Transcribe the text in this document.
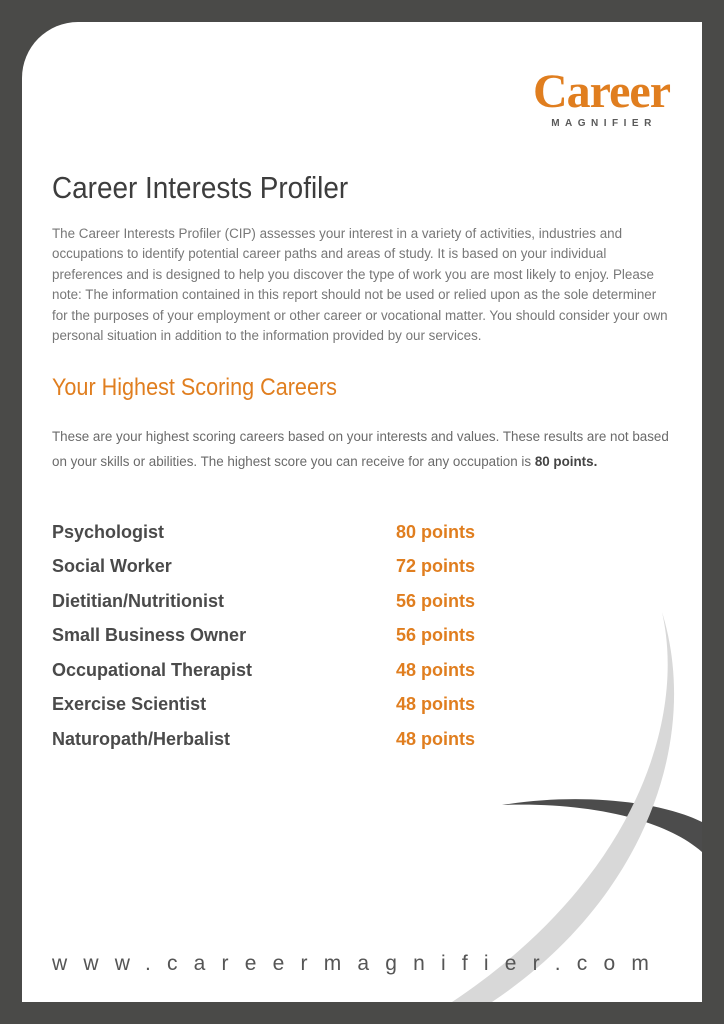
Career
MAGNIFIER
Career Interests Profiler

The Career Interests Profiler (CIP) assesses your interest in a variety of activities, industries and occupations to identify potential career paths and areas of study. It is based on your individual preferences and is designed to help you discover the type of work you are most likely to enjoy. Please note: The information contained in this report should not be used or relied upon as the sole determiner for the purposes of your employment or other career or vocational matter. You should consider your own personal situation in addition to the information provided by our services.

Your Highest Scoring Careers

These are your highest scoring careers based on your interests and values. These results are not based on your skills or abilities. The highest score you can receive for any occupation is 80 points.

Psychologist	80 points
Social Worker	72 points
Dietitian/Nutritionist	56 points
Small Business Owner	56 points
Occupational Therapist	48 points
Exercise Scientist	48 points
Naturopath/Herbalist	48 points
www.careermagnifier.com
